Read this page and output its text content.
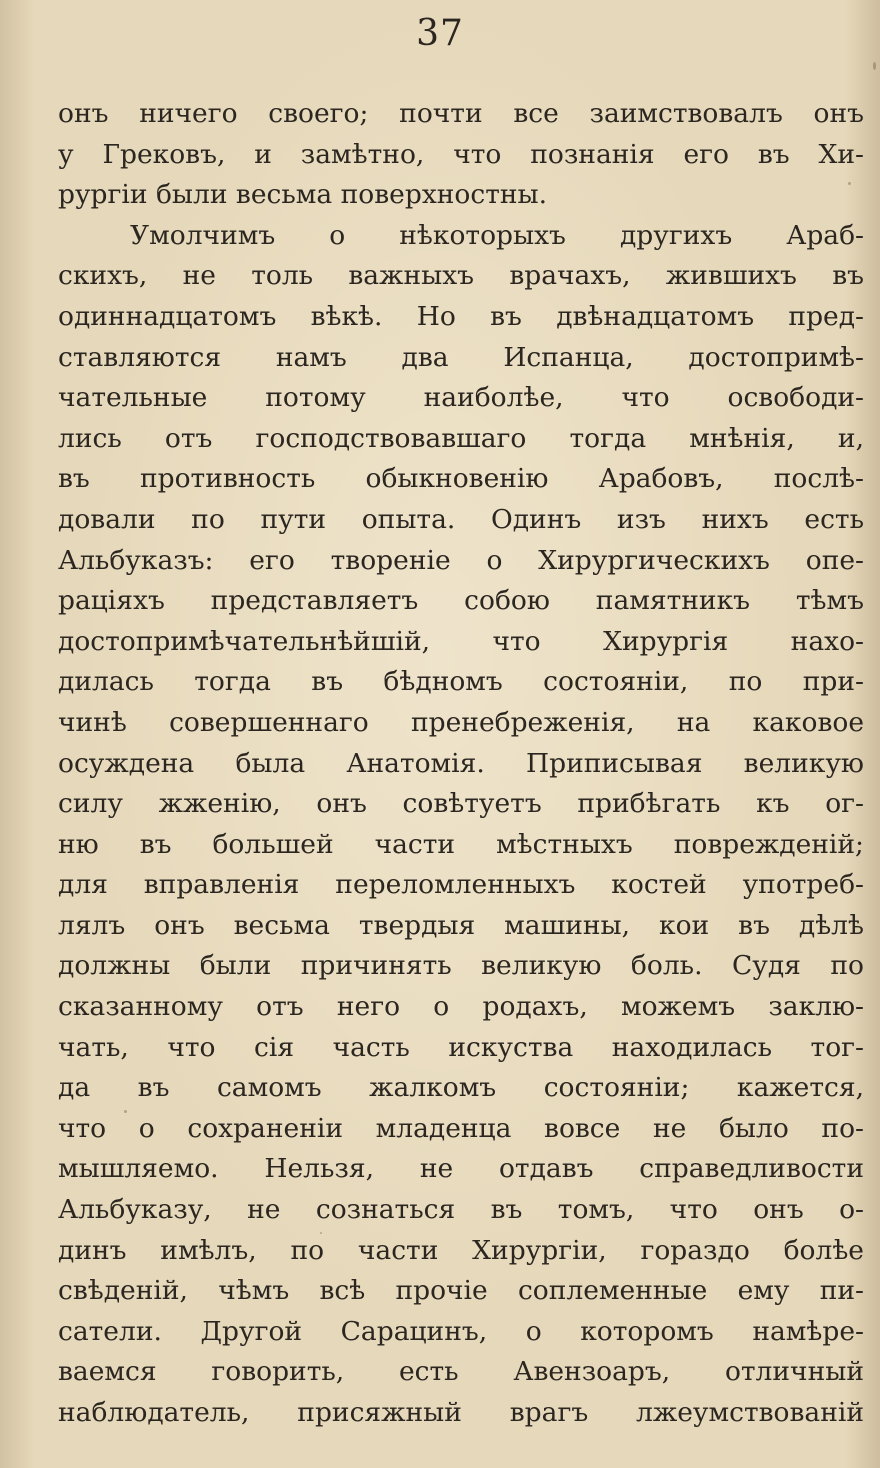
37
онъ ничего своего; почти все заимствовалъ онъ
у Грековъ, и замѣтно, что познанія его въ Хи-
рургіи были весьма поверхностны.
Умолчимъ о нѣкоторыхъ другихъ Араб-
скихъ, не толь важныхъ врачахъ, жившихъ въ
одиннадцатомъ вѣкѣ. Но въ двѣнадцатомъ пред-
ставляются намъ два Испанца, достопримѣ-
чательные потому наиболѣе, что освободи-
лись отъ господствовавшаго тогда мнѣнія, и,
въ противность обыкновенію Арабовъ, послѣ-
довали по пути опыта. Одинъ изъ нихъ есть
Альбуказъ: его твореніе о Хирургическихъ опе-
раціяхъ представляетъ собою памятникъ тѣмъ
достопримѣчательнѣйшій, что Хирургія нахо-
дилась тогда въ бѣдномъ состояніи, по при-
чинѣ совершеннаго пренебреженія, на каковое
осуждена была Анатомія. Приписывая великую
силу жженію, онъ совѣтуетъ прибѣгать къ ог-
ню въ большей части мѣстныхъ поврежденій;
для вправленія переломленныхъ костей употреб-
лялъ онъ весьма твердыя машины, кои въ дѣлѣ
должны были причинять великую боль. Судя по
сказанному отъ него о родахъ, можемъ заклю-
чать, что сія часть искуства находилась тог-
да въ самомъ жалкомъ состояніи; кажется,
что о сохраненіи младенца вовсе не было по-
мышляемо. Нельзя, не отдавъ справедливости
Альбуказу, не сознаться въ томъ, что онъ о-
динъ имѣлъ, по части Хирургіи, гораздо болѣе
свѣденій, чѣмъ всѣ прочіе соплеменные ему пи-
сатели. Другой Сарацинъ, о которомъ намѣре-
ваемся говорить, есть Авензоаръ, отличный
наблюдатель, присяжный врагъ лжеумствованій
